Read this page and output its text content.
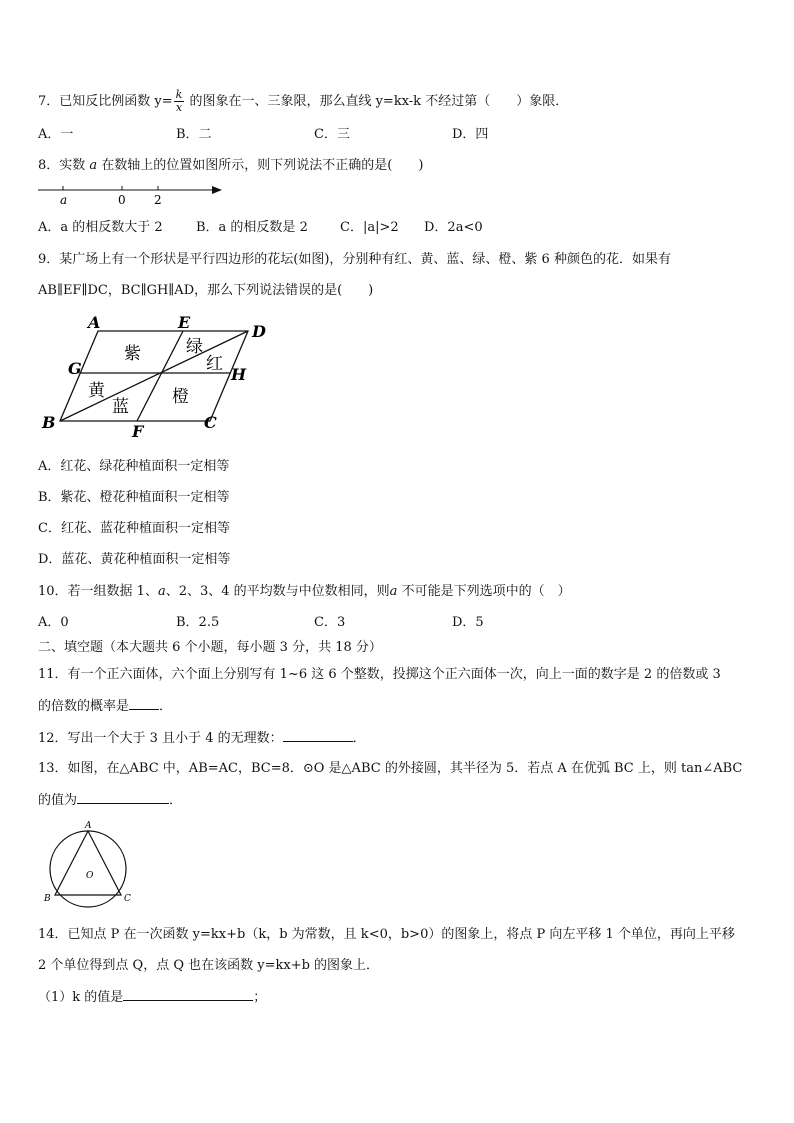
7．已知反比例函数 $y= \frac{k}{x}$ 的图象在一、三象限，那么直线 y=kx-k 不经过第（　　）象限．
A．一	B．二	C．三	D．四
8．实数 a 在数轴上的位置如图所示，则下列说法不正确的是(　　)
a	0 2
A．a 的相反数大于 2	B．a 的相反数是 2 C．|a|>2 D．2a<0
9．某广场上有一个形状是平行四边形的花坛(如图)，分别种有红、黄、蓝、绿、橙、紫 6 种颜色的花．如果有
AB∥EF∥DC，BC∥GH∥AD，那么下列说法错误的是(　　)
A	E	D
G	H
B	F	C
紫	绿
红
黄
蓝	橙
A．红花、绿花种植面积一定相等
B．紫花、橙花种植面积一定相等
C．红花、蓝花种植面积一定相等
D．蓝花、黄花种植面积一定相等
10．若一组数据 1、a、2、3、4 的平均数与中位数相同，则a 不可能是下列选项中的（　）
A．0	B．2.5	C．3	D．5
二、填空题（本大题共 6 个小题，每小题 3 分，共 18 分）
11．有一个正六面体，六个面上分别写有 1~6 这 6 个整数，投掷这个正六面体一次，向上一面的数字是 2 的倍数或 3
的倍数的概率是 ．
12．写出一个大于 3 且小于 4 的无理数：	．
13．如图，在△ABC 中，AB=AC，BC=8．⊙O 是△ABC 的外接圆，其半径为 5．若点 A 在优弧 BC 上，则 tan∠ABC
的值为	．
A
B	C
O
14．已知点 P 在一次函数 y=kx+b（k，b 为常数，且 k<0，b>0）的图象上，将点 P 向左平移 1 个单位，再向上平移
2 个单位得到点 Q，点 Q 也在该函数 y=kx+b 的图象上．
（1）k 的值是	；
